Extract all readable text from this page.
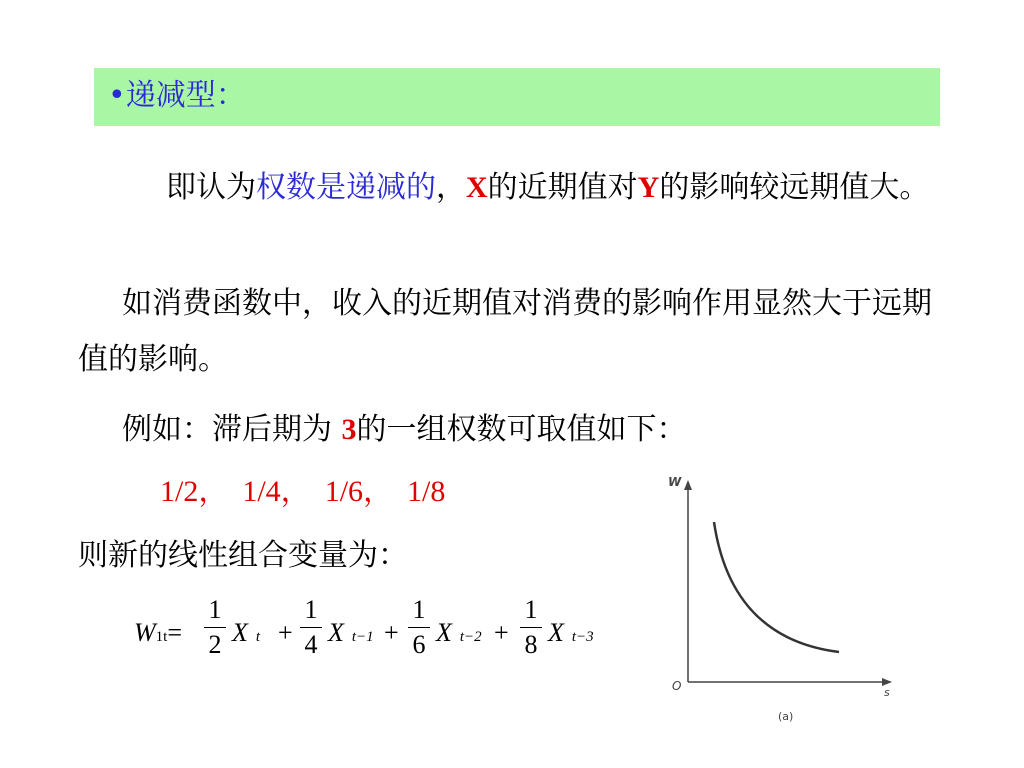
•递减型：

即认为权数是递减的，X的近期值对Y的影响较远期值大。

如消费函数中，收入的近期值对消费的影响作用显然大于远期值的影响。

例如：滞后期为 3的一组权数可取值如下：

1/2， 1/4， 1/6， 1/8

则新的线性组合变量为：

W1t=
1
2 Xt +
1
4 Xt−1 +
1
6 Xt−2 +
1
8 Xt−3
W
O	s
(a)
